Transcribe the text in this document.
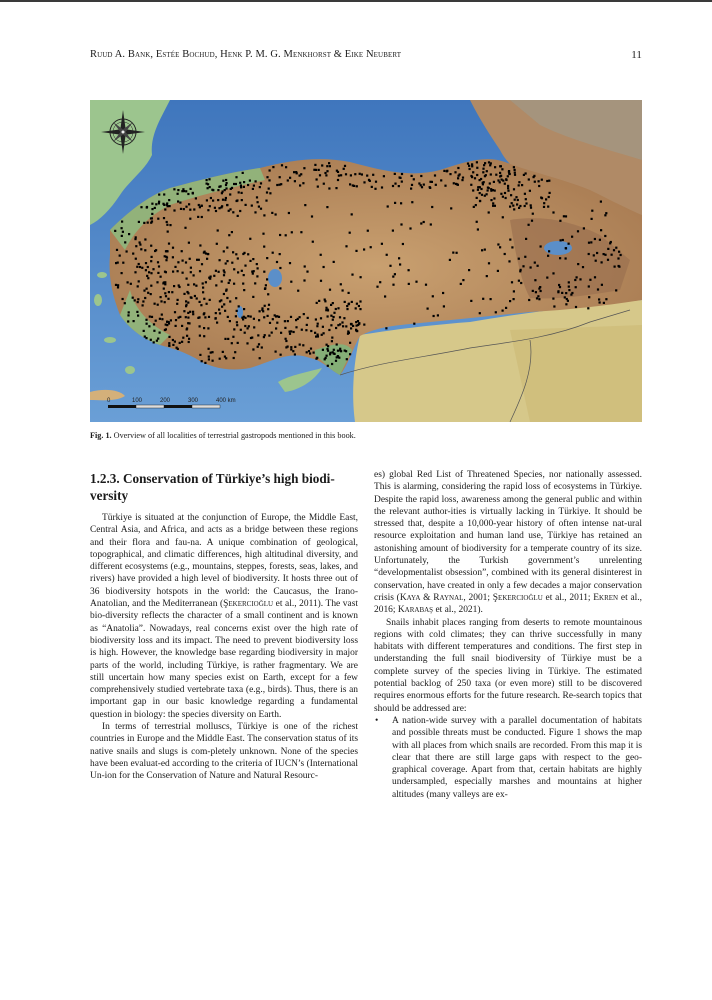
Ruud A. Bank, Estée Bochud, Henk P. M. G. Menkhorst & Eike Neubert	11
0	100	200	300	400 km
Fig. 1. Overview of all localities of terrestrial gastropods mentioned in this book.
1.2.3. Conservation of Türkiye’s high biodi-versity

Türkiye is situated at the conjunction of Europe, the Middle East, Central Asia, and Africa, and acts as a bridge between these regions and their flora and fau-na. A unique combination of geological, topographical, and climatic differences, high altitudinal diversity, and different ecosystems (e.g., mountains, steppes, forests, seas, lakes, and rivers) have provided a high level of biodiversity. It hosts three out of 36 biodiversity hotspots in the world: the Caucasus, the Irano-Anatolian, and the Mediterranean (Şekercioğlu et al., 2011). The vast bio-diversity reflects the character of a small continent and is known as “Anatolia”. Nowadays, real concerns exist over the high rate of biodiversity loss and its impact. The need to prevent biodiversity loss is high. However, the knowledge base regarding biodiversity in major parts of the world, including Türkiye, is rather fragmentary. We are still uncertain how many species exist on Earth, except for a few comprehensively studied vertebrate taxa (e.g., birds). Thus, there is an important gap in our basic knowledge regarding a fundamental question in biology: the species diversity on Earth.

In terms of terrestrial molluscs, Türkiye is one of the richest countries in Europe and the Middle East. The conservation status of its native snails and slugs is com-pletely unknown. None of the species have been evaluat-ed according to the criteria of IUCN’s (International Un-ion for the Conservation of Nature and Natural Resourc-

es) global Red List of Threatened Species, nor nationally assessed. This is alarming, considering the rapid loss of ecosystems in Türkiye. Despite the rapid loss, awareness among the general public and within the relevant author-ities is virtually lacking in Türkiye. It should be stressed that, despite a 10,000-year history of often intense nat-ural resource exploitation and human land use, Türkiye has retained an astonishing amount of biodiversity for a temperate country of its size. Unfortunately, the Turkish government’s unrelenting “developmentalist obsession”, combined with its general disinterest in conservation, have created in only a few decades a major conservation crisis (Kaya & Raynal, 2001; Şekercioğlu et al., 2011; Ekren et al., 2016; Karabaş et al., 2021).

Snails inhabit places ranging from deserts to remote mountainous regions with cold climates; they can thrive successfully in many habitats with different temperatures and conditions. The first step in understanding the full snail biodiversity of Türkiye must be a complete survey of the species living in Türkiye. The estimated potential backlog of 250 taxa (or even more) still to be discovered requires enormous efforts for the future research. Re-search topics that should be addressed are:

• A nation-wide survey with a parallel documentation of habitats and possible threats must be conducted. Figure 1 shows the map with all places from which snails are recorded. From this map it is clear that there are still large gaps with respect to the geo-graphical coverage. Apart from that, certain habitats are highly undersampled, especially marshes and mountains at higher altitudes (many valleys are ex-
